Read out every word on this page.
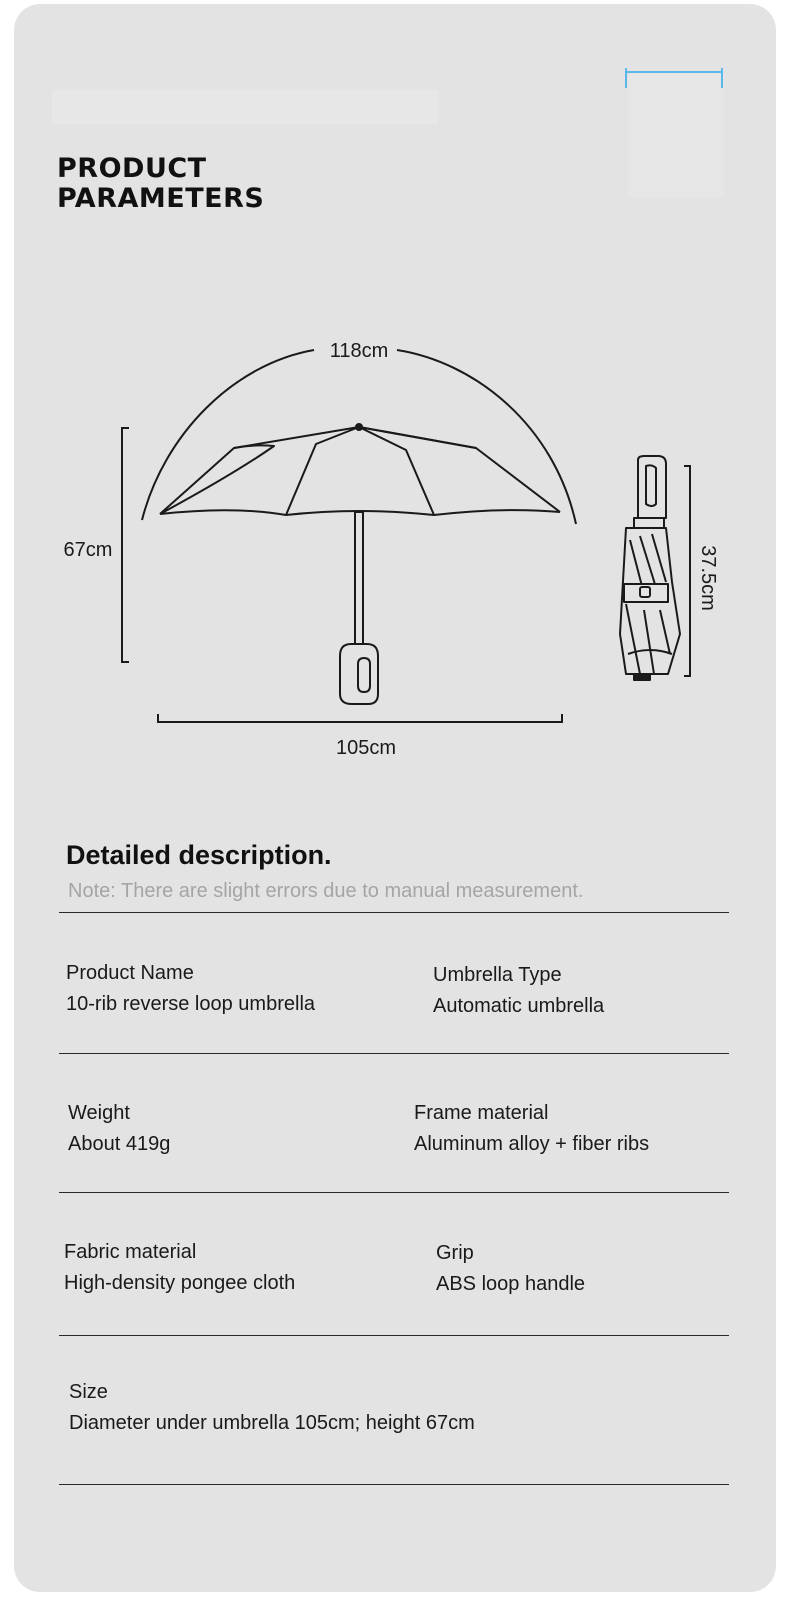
PRODUCT
PARAMETERS
118cm
67cm
105cm
37.5cm
Detailed description.

Note: There are slight errors due to manual measurement.

Product Name
10-rib reverse loop umbrella
Umbrella Type
Automatic umbrella
Weight
About 419g
Frame material
Aluminum alloy + fiber ribs
Fabric material
High-density pongee cloth
Grip
ABS loop handle
Size
Diameter under umbrella 105cm; height 67cm
